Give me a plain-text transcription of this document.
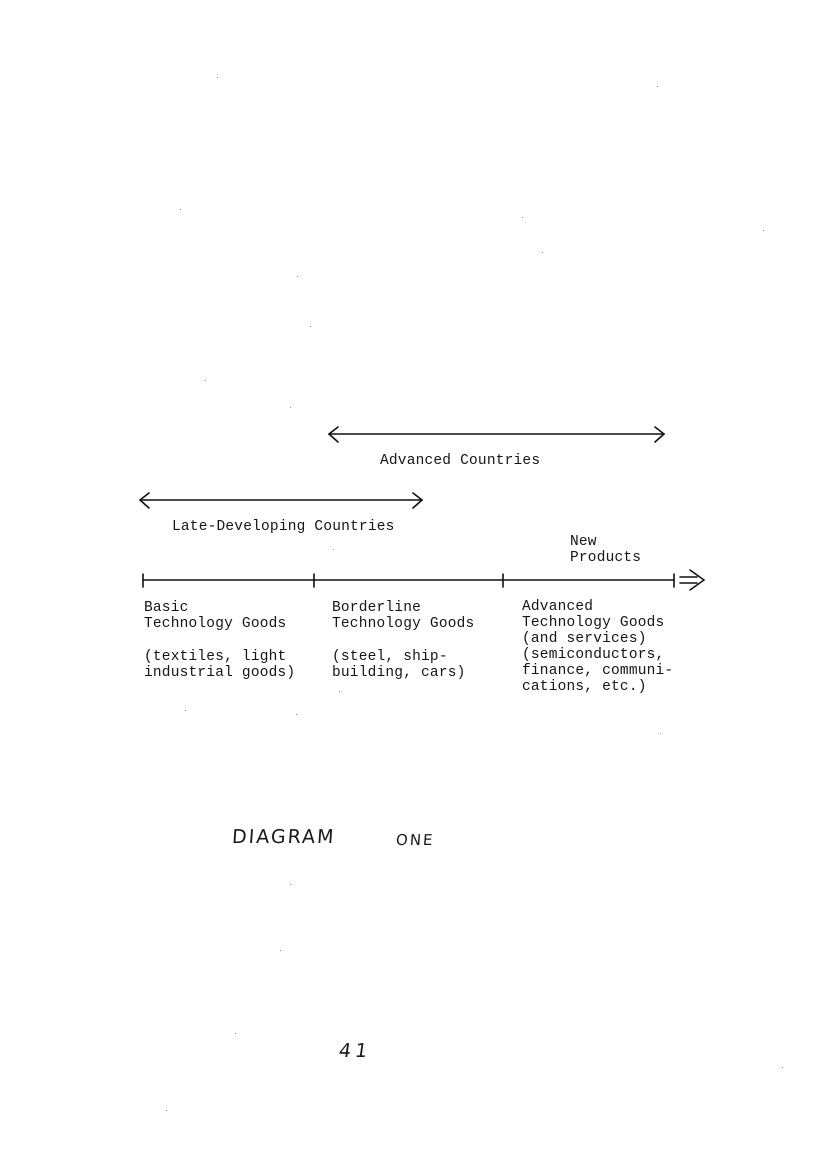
Advanced Countries
Late-Developing Countries
New
Products
Basic
Technology Goods
(textiles, light
industrial goods)
Borderline
Technology Goods
(steel, ship-
building, cars)
Advanced
Technology Goods
(and services)
(semiconductors,
finance, communi-
cations, etc.)
DIAGRAM	ONE
41
